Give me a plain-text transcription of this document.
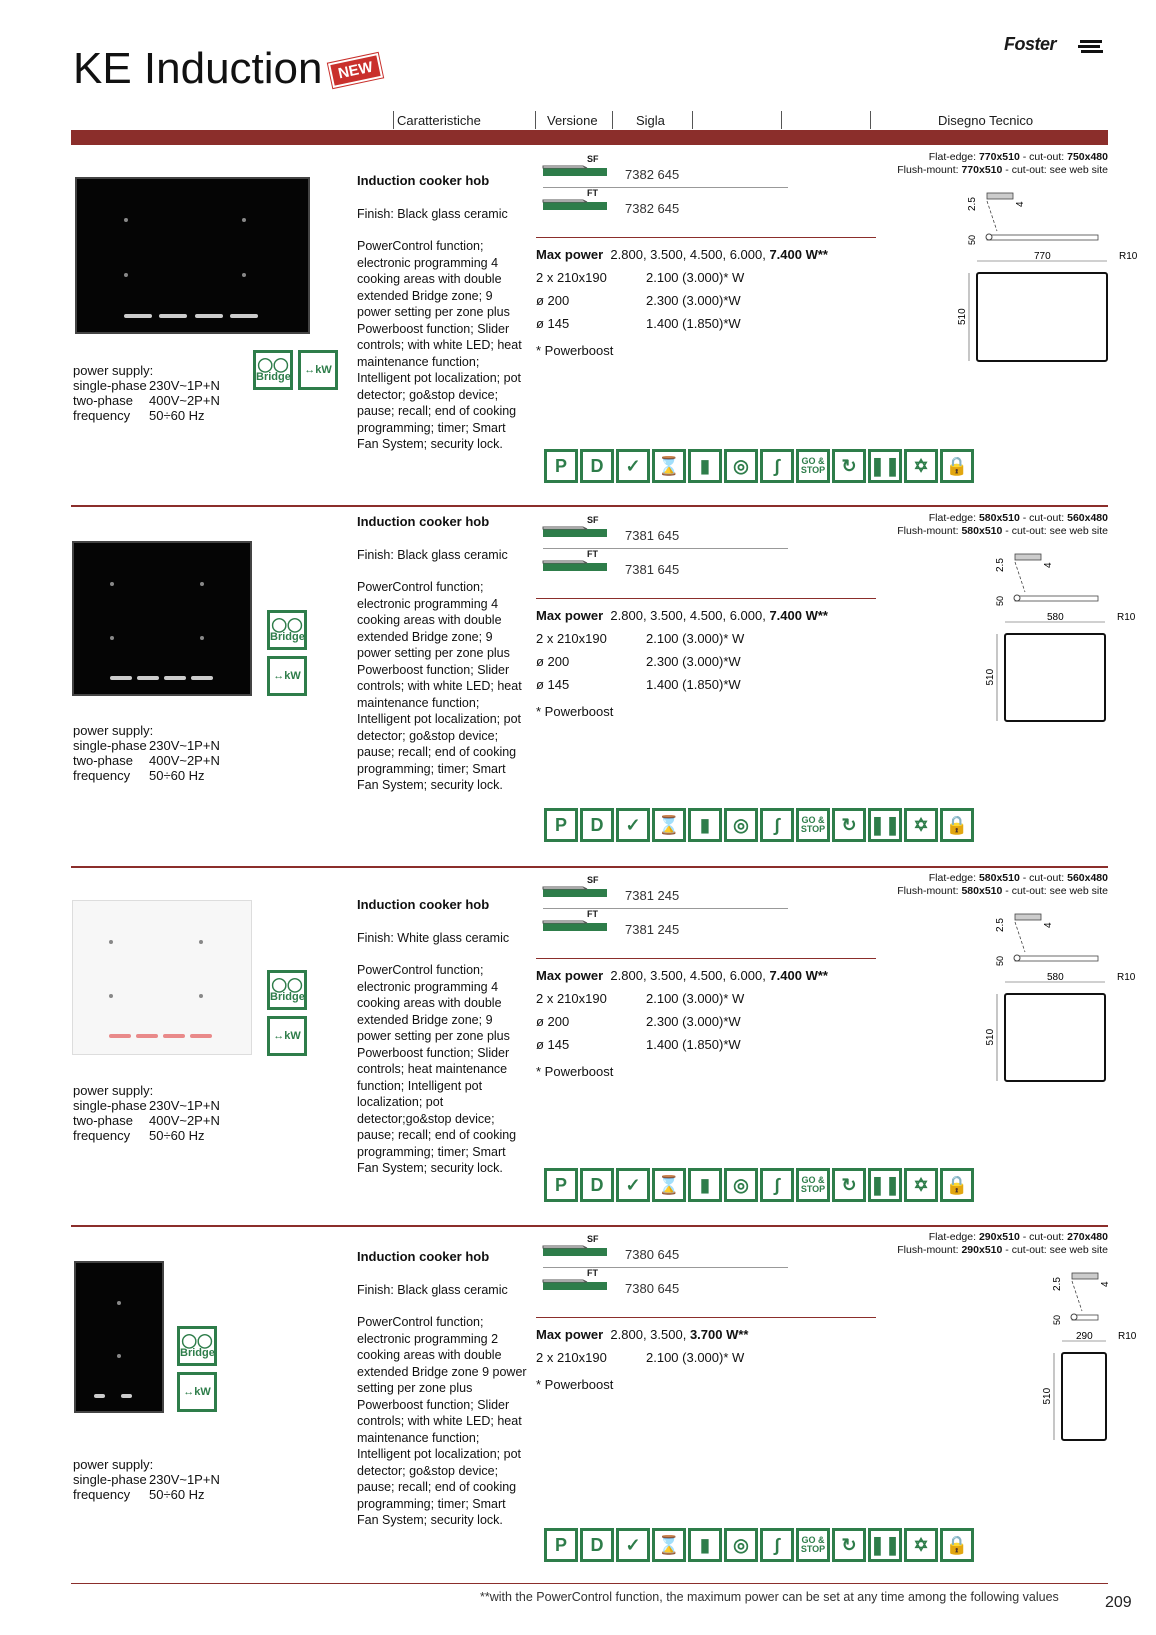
KE Induction NEW
Foster
Caratteristiche	Versione	Sigla	Disegno Tecnico
◯◯
Bridge
↔kW
power supply:
single-phase 230V~1P+N
two-phase 400V~2P+N
frequency 50÷60 Hz
Induction cooker hob
Finish: Black glass ceramic
PowerControl function; electronic programming 4 cooking areas with double extended Bridge zone; 9 power setting per zone plus Powerboost function; Slider controls; with white LED; heat maintenance function; Intelligent pot localization; pot detector; go&stop device; pause; recall; end of cooking programming; timer; Smart Fan System; security lock.
SF
7382 645
FT
7382 645
Max power 2.800, 3.500, 4.500, 6.000, 7.400 W**
2 x 210x190	2.100 (3.000)* W
ø 200	2.300 (3.000)*W
ø 145	1.400 (1.850)*W
* Powerboost
P	D	✓ ⌛	▮	◎	∫	GO & STOP ↻ ❚❚ ✡ 🔒
Flat-edge: 770x510 - cut-out: 750x480
Flush-mount: 770x510 - cut-out: see web site
2.5	4
50
770	R10
510
◯◯
Bridge
↔kW
power supply:
single-phase 230V~1P+N
two-phase 400V~2P+N
frequency 50÷60 Hz
Induction cooker hob
Finish: Black glass ceramic
PowerControl function; electronic programming 4 cooking areas with double extended Bridge zone; 9 power setting per zone plus Powerboost function; Slider controls; with white LED; heat maintenance function; Intelligent pot localization; pot detector; go&stop device; pause; recall; end of cooking programming; timer; Smart Fan System; security lock.
SF
7381 645
FT
7381 645
Max power 2.800, 3.500, 4.500, 6.000, 7.400 W**
2 x 210x190	2.100 (3.000)* W
ø 200	2.300 (3.000)*W
ø 145	1.400 (1.850)*W
* Powerboost
P	D	✓ ⌛	▮	◎	∫	GO & STOP ↻ ❚❚ ✡ 🔒
Flat-edge: 580x510 - cut-out: 560x480
Flush-mount: 580x510 - cut-out: see web site
2.5	4
50
580	R10
510
◯◯
Bridge
↔kW
power supply:
single-phase 230V~1P+N
two-phase 400V~2P+N
frequency 50÷60 Hz
Induction cooker hob
Finish: White glass ceramic
PowerControl function; electronic programming 4 cooking areas with double extended Bridge zone; 9 power setting per zone plus Powerboost function; Slider controls; heat maintenance function; Intelligent pot localization; pot detector;go&stop device; pause; recall; end of cooking programming; timer; Smart Fan System; security lock.
SF
7381 245
FT
7381 245
Max power 2.800, 3.500, 4.500, 6.000, 7.400 W**
2 x 210x190	2.100 (3.000)* W
ø 200	2.300 (3.000)*W
ø 145	1.400 (1.850)*W
* Powerboost
P	D	✓ ⌛	▮	◎	∫	GO & STOP ↻ ❚❚ ✡ 🔒
Flat-edge: 580x510 - cut-out: 560x480
Flush-mount: 580x510 - cut-out: see web site
2.5	4
50
580	R10
510
◯◯
Bridge
↔kW
power supply:
single-phase 230V~1P+N
frequency 50÷60 Hz
Induction cooker hob
Finish: Black glass ceramic
PowerControl function; electronic programming 2 cooking areas with double extended Bridge zone 9 power setting per zone plus Powerboost function; Slider controls; with white LED; heat maintenance function; Intelligent pot localization; pot detector; go&stop device; pause; recall; end of cooking programming; timer; Smart Fan System; security lock.
SF
7380 645
FT
7380 645
Max power 2.800, 3.500, 3.700 W**
2 x 210x190	2.100 (3.000)* W
* Powerboost
P	D	✓ ⌛	▮	◎	∫	GO & STOP ↻ ❚❚ ✡ 🔒
Flat-edge: 290x510 - cut-out: 270x480
Flush-mount: 290x510 - cut-out: see web site
2.5	4
50
290	R10
510
**with the PowerControl function, the maximum power can be set at any time among the following values	209
